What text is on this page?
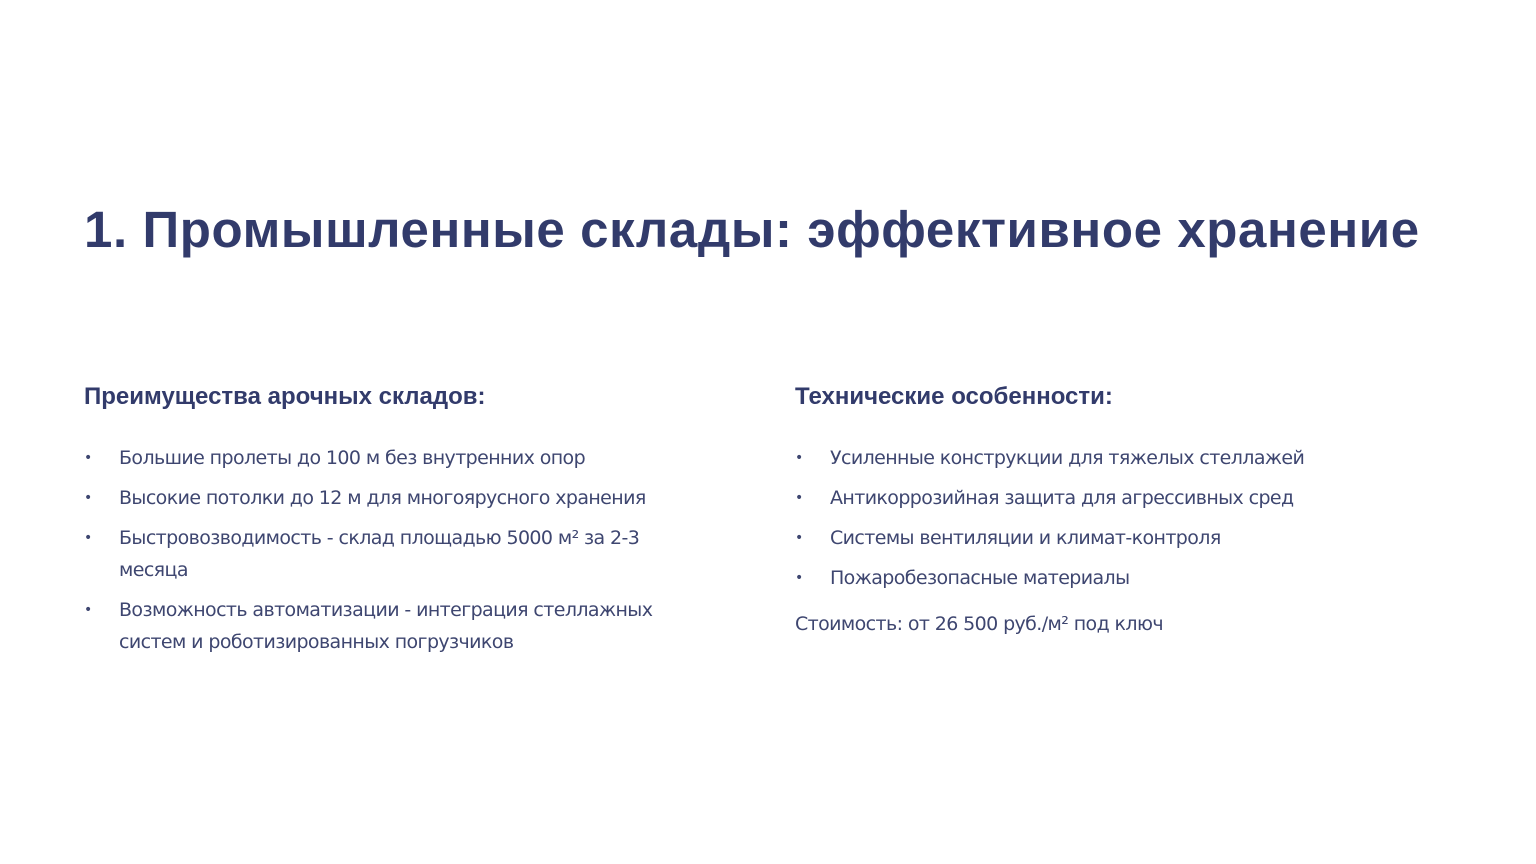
1. Промышленные склады: эффективное хранение
Преимущества арочных складов:
• Большие пролеты до 100 м без внутренних опор
• Высокие потолки до 12 м для многоярусного хранения
• Быстровозводимость - склад площадью 5000 м² за 2-3 месяца
• Возможность автоматизации - интеграция стеллажных систем и роботизированных погрузчиков
Технические особенности:
• Усиленные конструкции для тяжелых стеллажей
• Антикоррозийная защита для агрессивных сред
• Системы вентиляции и климат-контроля
• Пожаробезопасные материалы

Стоимость: от 26 500 руб./м² под ключ
